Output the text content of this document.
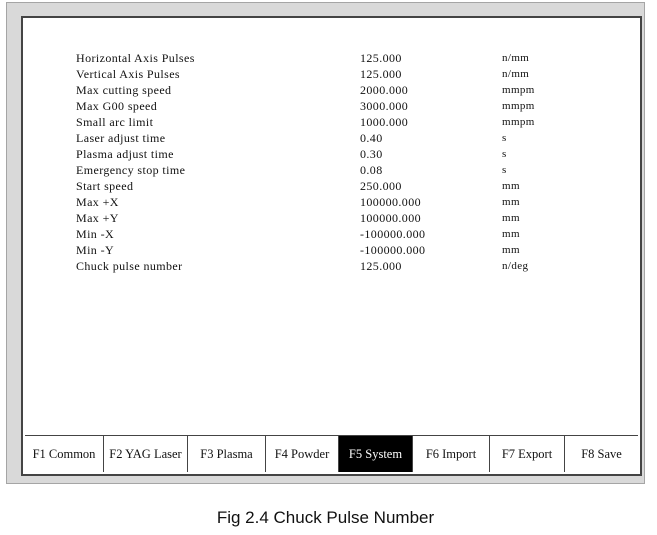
Horizontal Axis Pulses	125.000	n/mm
Vertical Axis Pulses	125.000	n/mm
Max cutting speed	2000.000	mmpm
Max G00 speed	3000.000	mmpm
Small arc limit	1000.000	mmpm
Laser adjust time	0.40	s
Plasma adjust time	0.30	s
Emergency stop time	0.08	s
Start speed	250.000	mm
Max +X	100000.000	mm
Max +Y	100000.000	mm
Min -X	-100000.000	mm
Min -Y	-100000.000	mm
Chuck pulse number	125.000	n/deg
F1 Common	F2 YAG Laser	F3 Plasma	F4 Powder	F5 System	F6 Import	F7 Export	F8 Save
Fig 2.4 Chuck Pulse Number
